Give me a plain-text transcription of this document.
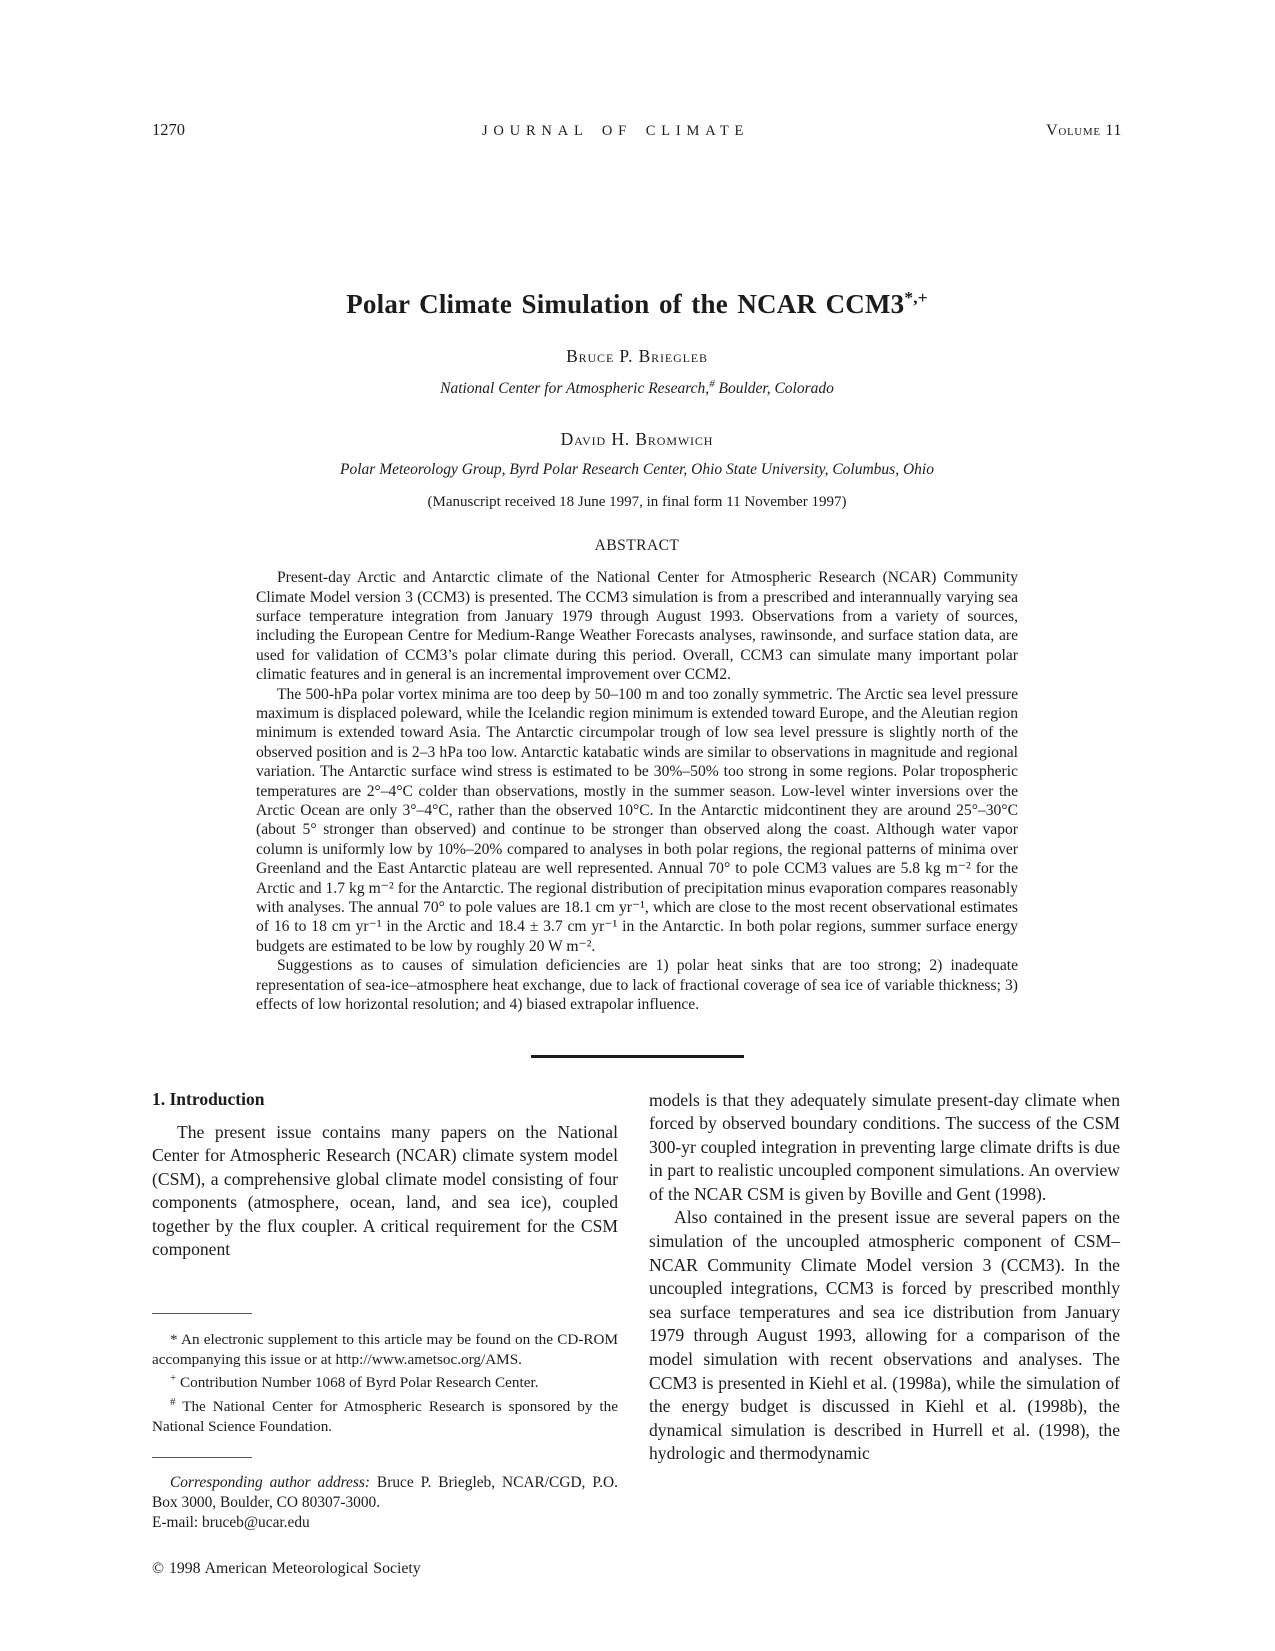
1270	JOURNAL OF CLIMATE	Volume 11
Polar Climate Simulation of the NCAR CCM3*,+
Bruce P. Briegleb
National Center for Atmospheric Research,# Boulder, Colorado
David H. Bromwich
Polar Meteorology Group, Byrd Polar Research Center, Ohio State University, Columbus, Ohio
(Manuscript received 18 June 1997, in final form 11 November 1997)
ABSTRACT

Present-day Arctic and Antarctic climate of the National Center for Atmospheric Research (NCAR) Community Climate Model version 3 (CCM3) is presented. The CCM3 simulation is from a prescribed and interannually varying sea surface temperature integration from January 1979 through August 1993. Observations from a variety of sources, including the European Centre for Medium-Range Weather Forecasts analyses, rawinsonde, and surface station data, are used for validation of CCM3’s polar climate during this period. Overall, CCM3 can simulate many important polar climatic features and in general is an incremental improvement over CCM2.

The 500-hPa polar vortex minima are too deep by 50–100 m and too zonally symmetric. The Arctic sea level pressure maximum is displaced poleward, while the Icelandic region minimum is extended toward Europe, and the Aleutian region minimum is extended toward Asia. The Antarctic circumpolar trough of low sea level pressure is slightly north of the observed position and is 2–3 hPa too low. Antarctic katabatic winds are similar to observations in magnitude and regional variation. The Antarctic surface wind stress is estimated to be 30%–50% too strong in some regions. Polar tropospheric temperatures are 2°–4°C colder than observations, mostly in the summer season. Low-level winter inversions over the Arctic Ocean are only 3°–4°C, rather than the observed 10°C. In the Antarctic midcontinent they are around 25°–30°C (about 5° stronger than observed) and continue to be stronger than observed along the coast. Although water vapor column is uniformly low by 10%–20% compared to analyses in both polar regions, the regional patterns of minima over Greenland and the East Antarctic plateau are well represented. Annual 70° to pole CCM3 values are 5.8 kg m⁻² for the Arctic and 1.7 kg m⁻² for the Antarctic. The regional distribution of precipitation minus evaporation compares reasonably with analyses. The annual 70° to pole values are 18.1 cm yr⁻¹, which are close to the most recent observational estimates of 16 to 18 cm yr⁻¹ in the Arctic and 18.4 ± 3.7 cm yr⁻¹ in the Antarctic. In both polar regions, summer surface energy budgets are estimated to be low by roughly 20 W m⁻².

Suggestions as to causes of simulation deficiencies are 1) polar heat sinks that are too strong; 2) inadequate representation of sea-ice–atmosphere heat exchange, due to lack of fractional coverage of sea ice of variable thickness; 3) effects of low horizontal resolution; and 4) biased extrapolar influence.

1. Introduction

The present issue contains many papers on the National Center for Atmospheric Research (NCAR) climate system model (CSM), a comprehensive global climate model consisting of four components (atmosphere, ocean, land, and sea ice), coupled together by the flux coupler. A critical requirement for the CSM component

* An electronic supplement to this article may be found on the CD-ROM accompanying this issue or at http://www.ametsoc.org/AMS.

+ Contribution Number 1068 of Byrd Polar Research Center.

# The National Center for Atmospheric Research is sponsored by the National Science Foundation.

Corresponding author address: Bruce P. Briegleb, NCAR/CGD, P.O. Box 3000, Boulder, CO 80307-3000.

E-mail: bruceb@ucar.edu

© 1998 American Meteorological Society

models is that they adequately simulate present-day climate when forced by observed boundary conditions. The success of the CSM 300-yr coupled integration in preventing large climate drifts is due in part to realistic uncoupled component simulations. An overview of the NCAR CSM is given by Boville and Gent (1998).

Also contained in the present issue are several papers on the simulation of the uncoupled atmospheric component of CSM–NCAR Community Climate Model version 3 (CCM3). In the uncoupled integrations, CCM3 is forced by prescribed monthly sea surface temperatures and sea ice distribution from January 1979 through August 1993, allowing for a comparison of the model simulation with recent observations and analyses. The CCM3 is presented in Kiehl et al. (1998a), while the simulation of the energy budget is discussed in Kiehl et al. (1998b), the dynamical simulation is described in Hurrell et al. (1998), the hydrologic and thermodynamic
